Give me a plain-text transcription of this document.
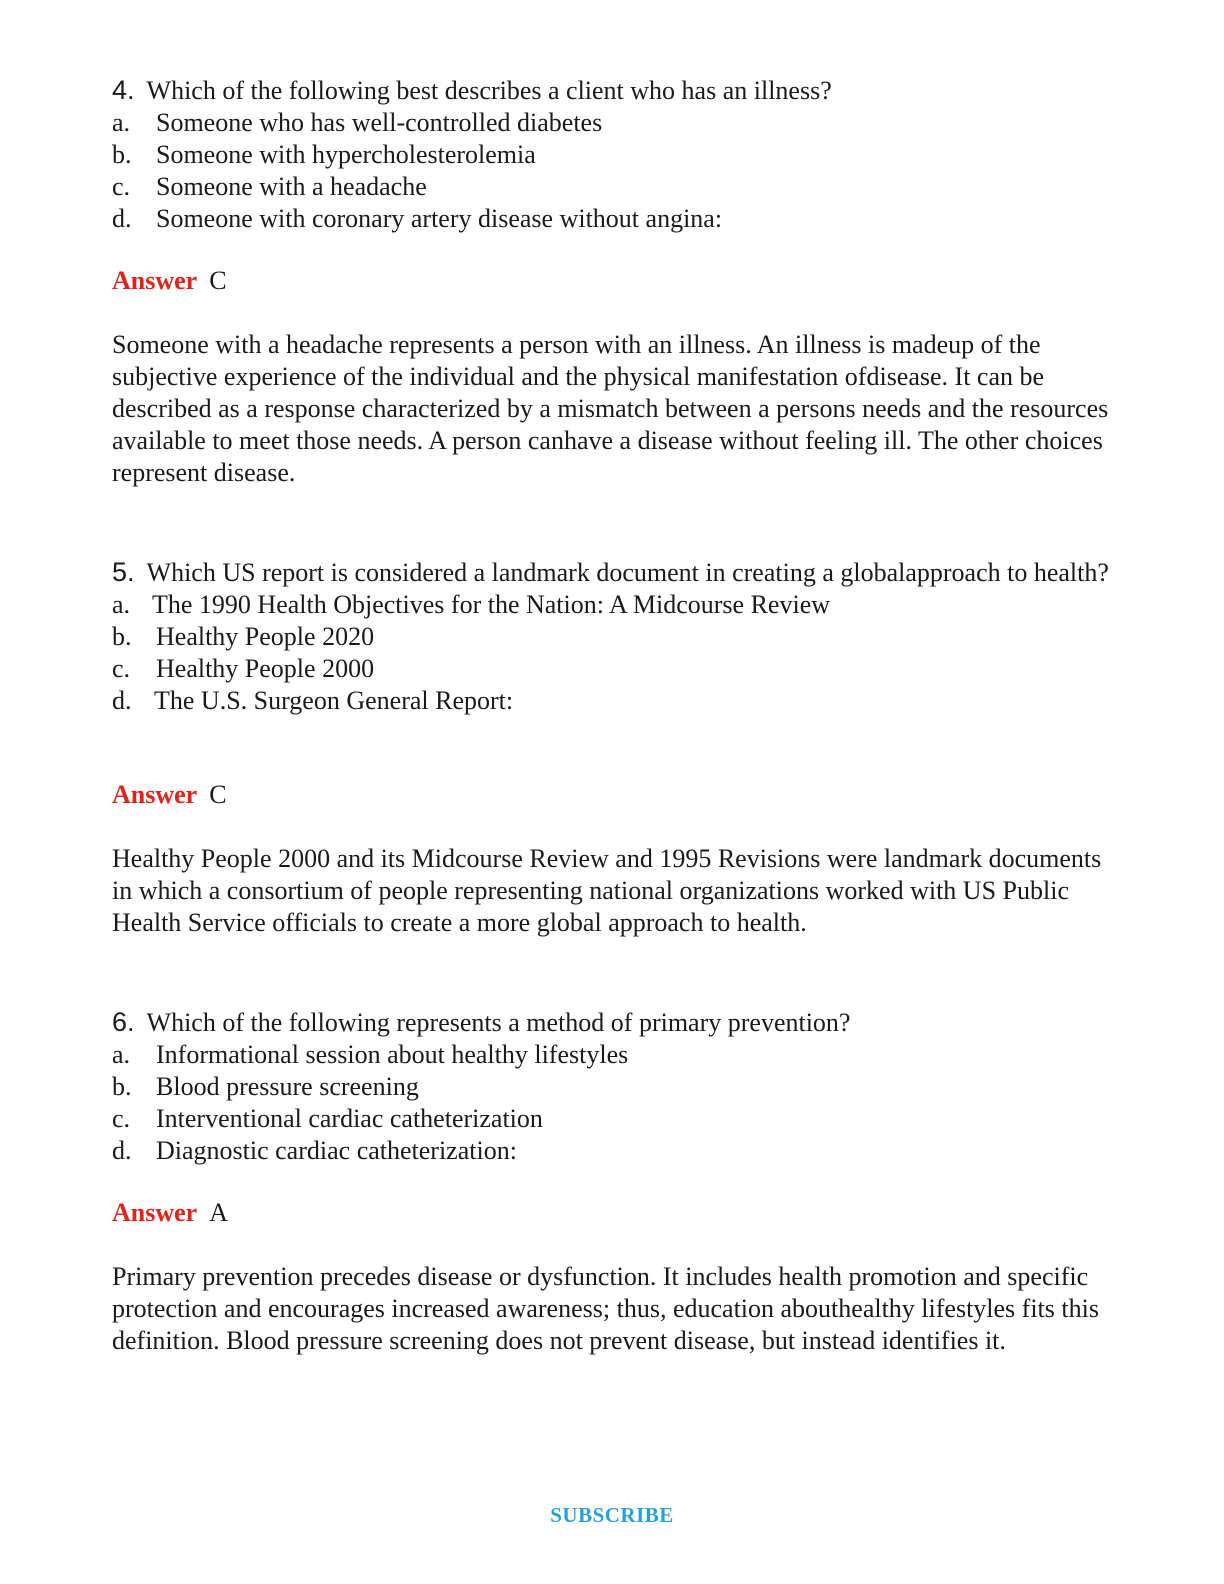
4. Which of the following best describes a client who has an illness?
a. Someone who has well-controlled diabetes
b. Someone with hypercholesterolemia
c. Someone with a headache
d. Someone with coronary artery disease without angina:
Answer C
Someone with a headache represents a person with an illness. An illness is madeup of the subjective experience of the individual and the physical manifestation ofdisease. It can be described as a response characterized by a mismatch between a persons needs and the resources available to meet those needs. A person canhave a disease without feeling ill. The other choices represent disease.
5. Which US report is considered a landmark document in creating a globalapproach to health?
a. The 1990 Health Objectives for the Nation: A Midcourse Review
b. Healthy People 2020
c. Healthy People 2000
d. The U.S. Surgeon General Report:
Answer C
Healthy People 2000 and its Midcourse Review and 1995 Revisions were landmark documents in which a consortium of people representing national organizations worked with US Public Health Service officials to create a more global approach to health.
6. Which of the following represents a method of primary prevention?
a. Informational session about healthy lifestyles
b. Blood pressure screening
c. Interventional cardiac catheterization
d. Diagnostic cardiac catheterization:
Answer A
Primary prevention precedes disease or dysfunction. It includes health promotion and specific protection and encourages increased awareness; thus, education abouthealthy lifestyles fits this definition. Blood pressure screening does not prevent disease, but instead identifies it.
SUBSCRIBE
